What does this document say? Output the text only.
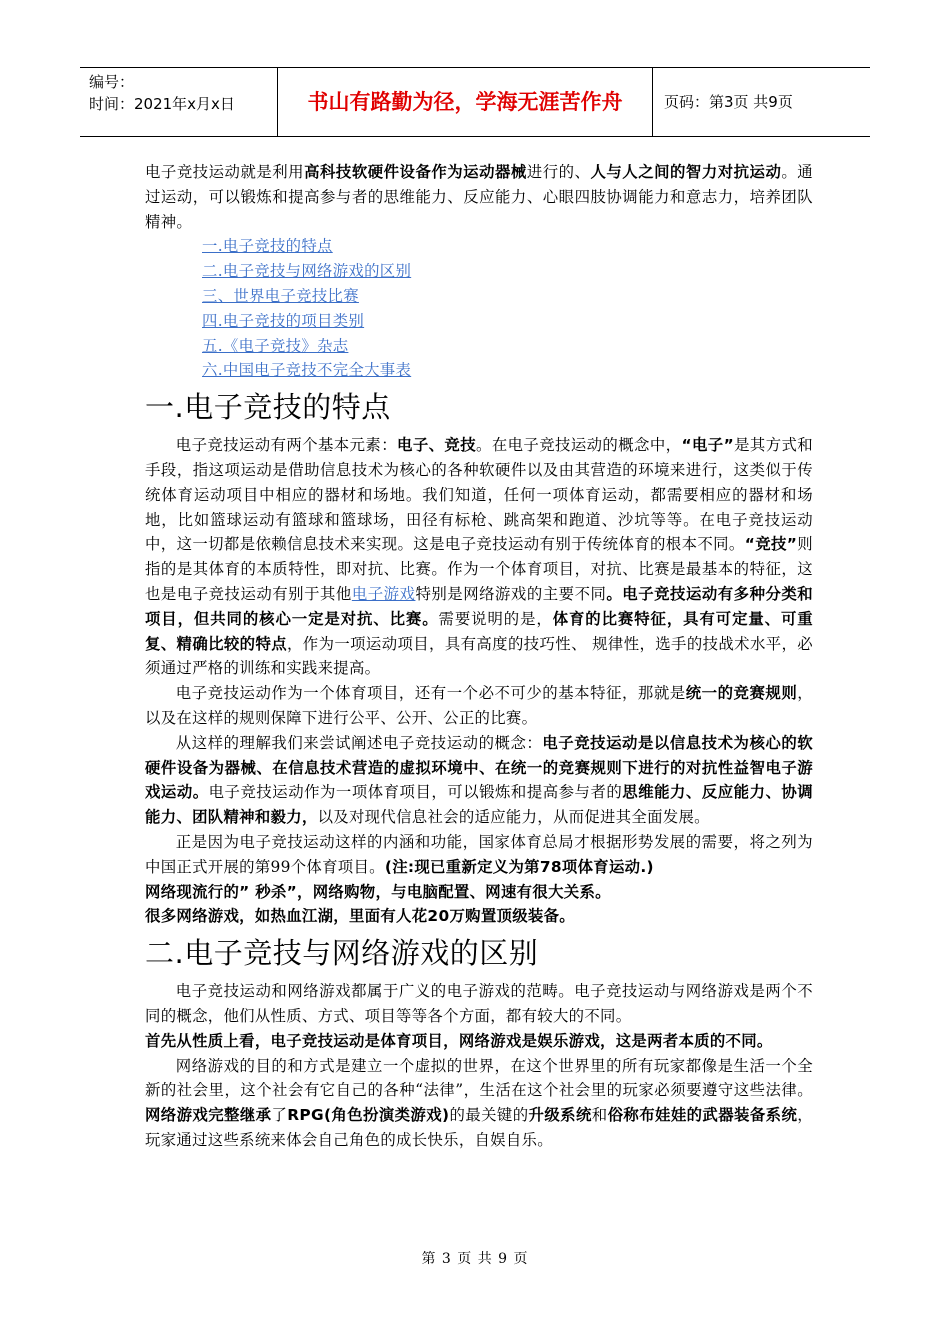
编号：
时间：2021年x月x日	书山有路勤为径，学海无涯苦作舟	页码：第3页 共9页

电子竞技运动就是利用高科技软硬件设备作为运动器械进行的、人与人之间的智力对抗运动。通过运动，可以锻炼和提高参与者的思维能力、反应能力、心眼四肢协调能力和意志力，培养团队精神。

一.电子竞技的特点
二.电子竞技与网络游戏的区别
三、世界电子竞技比赛
四.电子竞技的项目类别
五.《电子竞技》杂志
六.中国电子竞技不完全大事表
一.电子竞技的特点

电子竞技运动有两个基本元素：电子、竞技。在电子竞技运动的概念中，“电子”是其方式和手段，指这项运动是借助信息技术为核心的各种软硬件以及由其营造的环境来进行，这类似于传统体育运动项目中相应的器材和场地。我们知道，任何一项体育运动，都需要相应的器材和场地，比如篮球运动有篮球和篮球场，田径有标枪、跳高架和跑道、沙坑等等。在电子竞技运动中，这一切都是依赖信息技术来实现。这是电子竞技运动有别于传统体育的根本不同。“竞技”则指的是其体育的本质特性，即对抗、比赛。作为一个体育项目，对抗、比赛是最基本的特征，这也是电子竞技运动有别于其他电子游戏特别是网络游戏的主要不同。电子竞技运动有多种分类和项目，但共同的核心一定是对抗、比赛。需要说明的是，体育的比赛特征，具有可定量、可重复、精确比较的特点，作为一项运动项目，具有高度的技巧性、 规律性，选手的技战术水平，必须通过严格的训练和实践来提高。

电子竞技运动作为一个体育项目，还有一个必不可少的基本特征，那就是统一的竞赛规则，以及在这样的规则保障下进行公平、公开、公正的比赛。

从这样的理解我们来尝试阐述电子竞技运动的概念：电子竞技运动是以信息技术为核心的软硬件设备为器械、在信息技术营造的虚拟环境中、在统一的竞赛规则下进行的对抗性益智电子游戏运动。电子竞技运动作为一项体育项目，可以锻炼和提高参与者的思维能力、反应能力、协调能力、团队精神和毅力，以及对现代信息社会的适应能力，从而促进其全面发展。

正是因为电子竞技运动这样的内涵和功能，国家体育总局才根据形势发展的需要，将之列为中国正式开展的第99个体育项目。(注:现已重新定义为第78项体育运动.)

网络现流行的” 秒杀”，网络购物，与电脑配置、网速有很大关系。

很多网络游戏，如热血江湖，里面有人花20万购置顶级装备。

二.电子竞技与网络游戏的区别

电子竞技运动和网络游戏都属于广义的电子游戏的范畴。电子竞技运动与网络游戏是两个不同的概念，他们从性质、方式、项目等等各个方面，都有较大的不同。

首先从性质上看，电子竞技运动是体育项目，网络游戏是娱乐游戏，这是两者本质的不同。

网络游戏的目的和方式是建立一个虚拟的世界，在这个世界里的所有玩家都像是生活一个全新的社会里，这个社会有它自己的各种“法律”，生活在这个社会里的玩家必须要遵守这些法律。网络游戏完整继承了RPG(角色扮演类游戏)的最关键的升级系统和俗称布娃娃的武器装备系统，玩家通过这些系统来体会自己角色的成长快乐，自娱自乐。

第 3 页 共 9 页
